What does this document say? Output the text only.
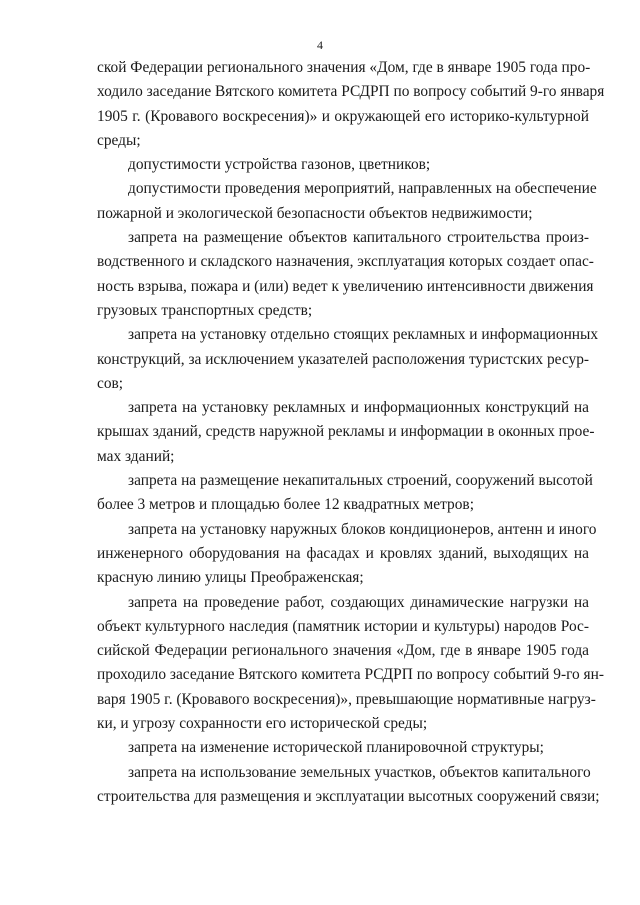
4
ской Федерации регионального значения «Дом, где в январе 1905 года про-
ходило заседание Вятского комитета РСДРП по вопросу событий 9-го января
1905 г. (Кровавого воскресения)» и окружающей его историко-культурной
среды;
допустимости устройства газонов, цветников;
допустимости проведения мероприятий, направленных на обеспечение
пожарной и экологической безопасности объектов недвижимости;
запрета на размещение объектов капитального строительства произ-
водственного и складского назначения, эксплуатация которых создает опас-
ность взрыва, пожара и (или) ведет к увеличению интенсивности движения
грузовых транспортных средств;
запрета на установку отдельно стоящих рекламных и информационных
конструкций, за исключением указателей расположения туристских ресур-
сов;
запрета на установку рекламных и информационных конструкций на
крышах зданий, средств наружной рекламы и информации в оконных прое-
мах зданий;
запрета на размещение некапитальных строений, сооружений высотой
более 3 метров и площадью более 12 квадратных метров;
запрета на установку наружных блоков кондиционеров, антенн и иного
инженерного оборудования на фасадах и кровлях зданий, выходящих на
красную линию улицы Преображенская;
запрета на проведение работ, создающих динамические нагрузки на
объект культурного наследия (памятник истории и культуры) народов Рос-
сийской Федерации регионального значения «Дом, где в январе 1905 года
проходило заседание Вятского комитета РСДРП по вопросу событий 9-го ян-
варя 1905 г. (Кровавого воскресения)», превышающие нормативные нагруз-
ки, и угрозу сохранности его исторической среды;
запрета на изменение исторической планировочной структуры;
запрета на использование земельных участков, объектов капитального
строительства для размещения и эксплуатации высотных сооружений связи;
